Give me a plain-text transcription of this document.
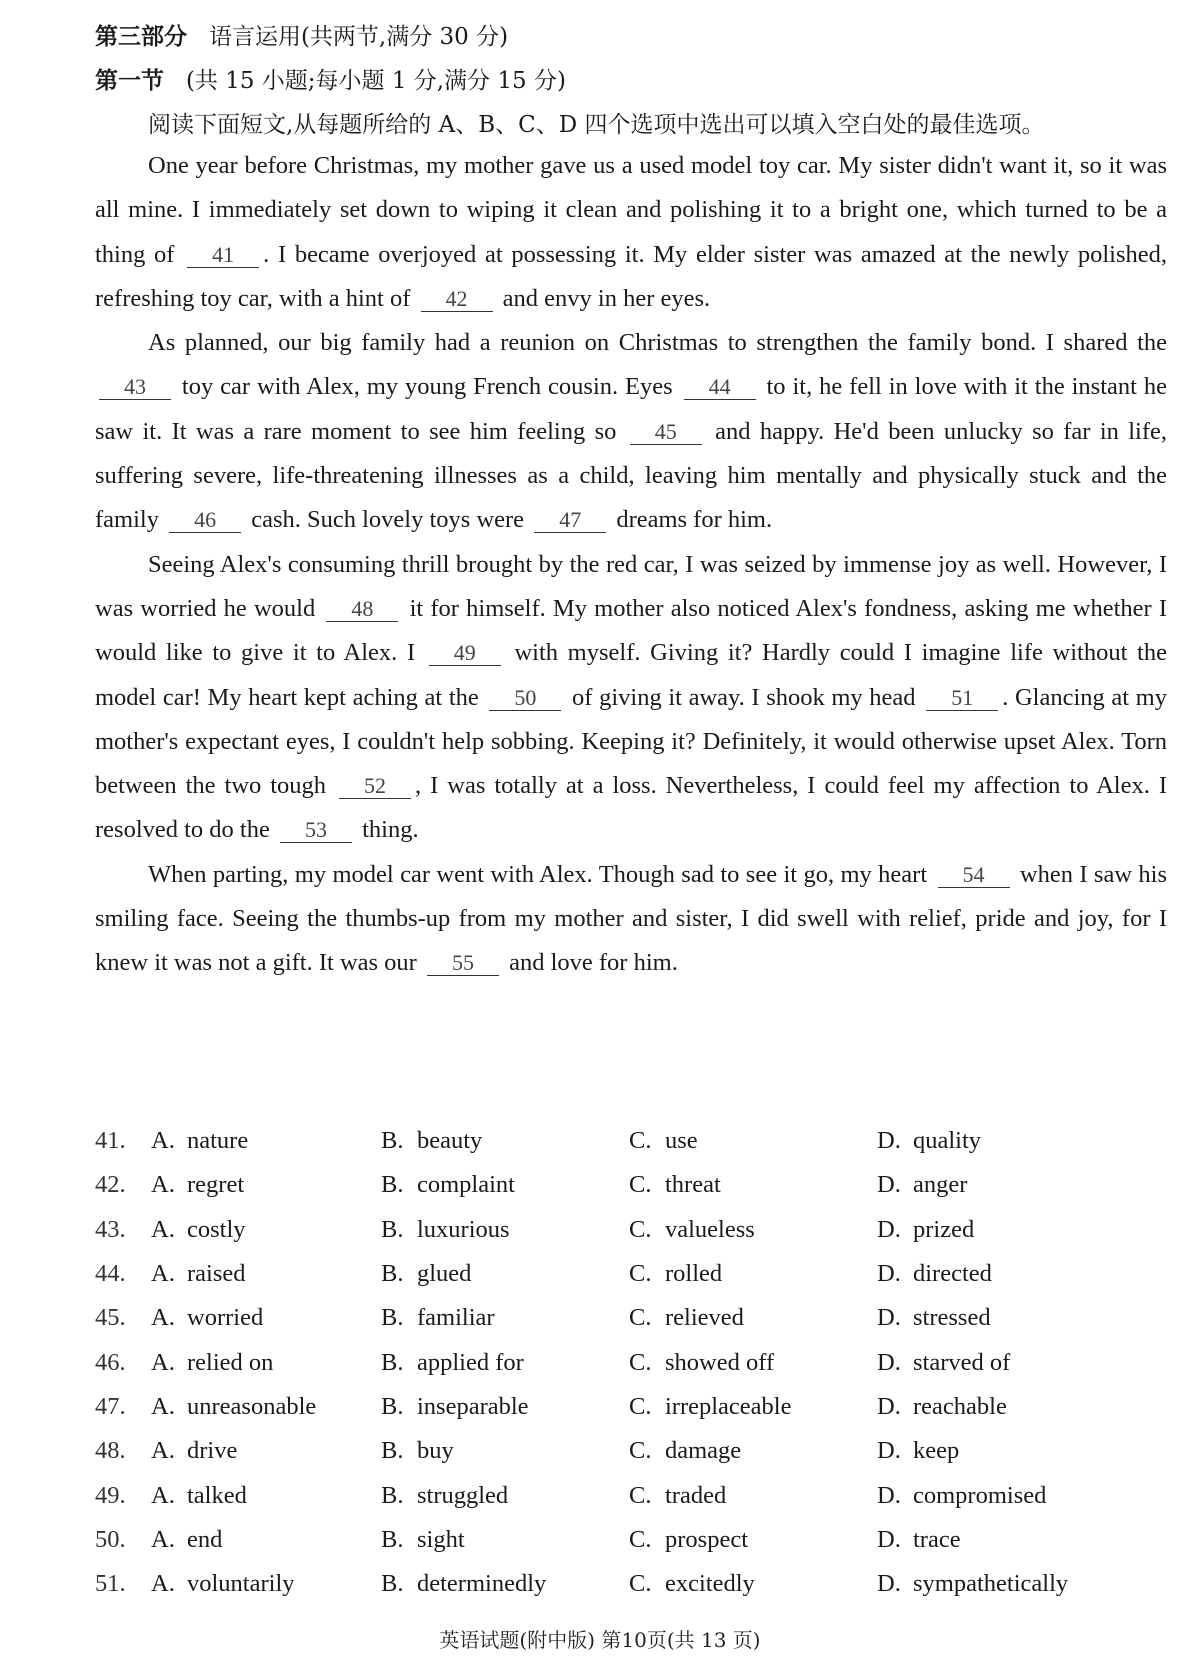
第三部分 语言运用(共两节,满分 30 分)
第一节 (共 15 小题;每小题 1 分,满分 15 分)
阅读下面短文,从每题所给的 A、B、C、D 四个选项中选出可以填入空白处的最佳选项。

One year before Christmas, my mother gave us a used model toy car. My sister didn't want it, so it was all mine. I immediately set down to wiping it clean and polishing it to a bright one, which turned to be a thing of 41 . I became overjoyed at possessing it. My elder sister was amazed at the newly polished, refreshing toy car, with a hint of 42 and envy in her eyes.

As planned, our big family had a reunion on Christmas to strengthen the family bond. I shared the 43 toy car with Alex, my young French cousin. Eyes 44 to it, he fell in love with it the instant he saw it. It was a rare moment to see him feeling so 45 and happy. He'd been unlucky so far in life, suffering severe, life-threatening illnesses as a child, leaving him mentally and physically stuck and the family 46 cash. Such lovely toys were 47 dreams for him.

Seeing Alex's consuming thrill brought by the red car, I was seized by immense joy as well. However, I was worried he would 48 it for himself. My mother also noticed Alex's fondness, asking me whether I would like to give it to Alex. I 49 with myself. Giving it? Hardly could I imagine life without the model car! My heart kept aching at the 50 of giving it away. I shook my head 51 . Glancing at my mother's expectant eyes, I couldn't help sobbing. Keeping it? Definitely, it would otherwise upset Alex. Torn between the two tough 52 , I was totally at a loss. Nevertheless, I could feel my affection to Alex. I resolved to do the 53 thing.

When parting, my model car went with Alex. Though sad to see it go, my heart 54 when I saw his smiling face. Seeing the thumbs-up from my mother and sister, I did swell with relief, pride and joy, for I knew it was not a gift. It was our 55 and love for him.

41.	A. nature	B. beauty	C. use	D. quality
42.	A. regret	B. complaint	C. threat	D. anger
43.	A. costly	B. luxurious	C. valueless	D. prized
44.	A. raised	B. glued	C. rolled	D. directed
45.	A. worried	B. familiar	C. relieved	D. stressed
46.	A. relied on	B. applied for	C. showed off	D. starved of
47.	A. unreasonable	B. inseparable	C. irreplaceable	D. reachable
48.	A. drive	B. buy	C. damage	D. keep
49.	A. talked	B. struggled	C. traded	D. compromised
50.	A. end	B. sight	C. prospect	D. trace
51.	A. voluntarily	B. determinedly	C. excitedly	D. sympathetically
英语试题(附中版) 第10页(共 13 页)
